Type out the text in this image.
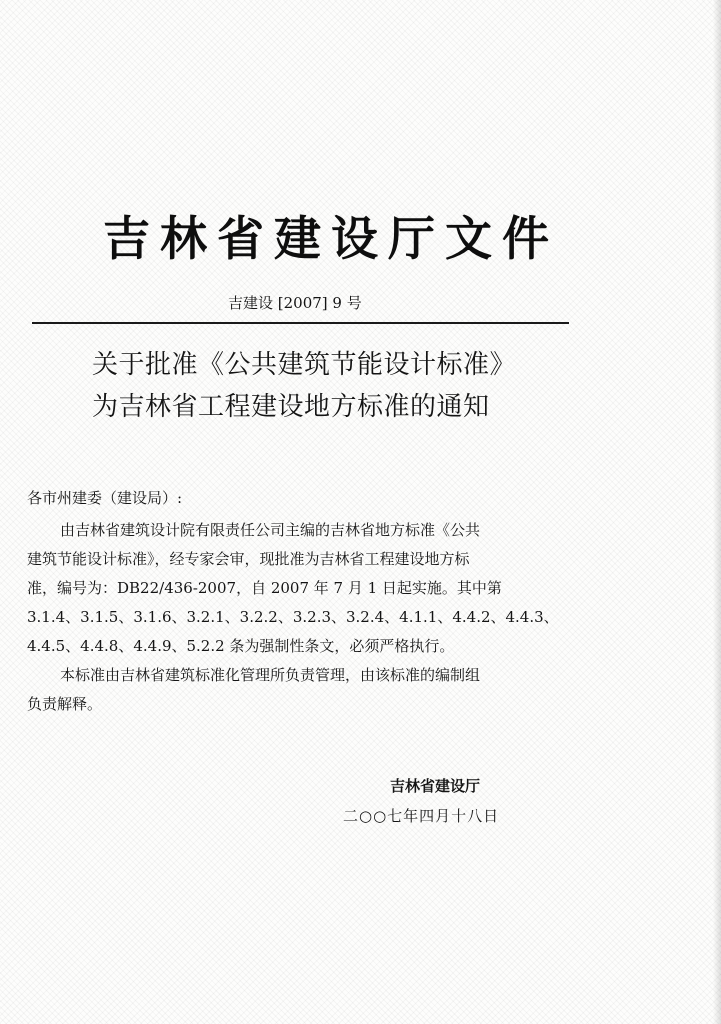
吉林省建设厅文件
吉建设 [2007] 9 号
关于批准《公共建筑节能设计标准》
为吉林省工程建设地方标准的通知
各市州建委（建设局）:
由吉林省建筑设计院有限责任公司主编的吉林省地方标准《公共
建筑节能设计标准》，经专家会审，现批准为吉林省工程建设地方标
准，编号为：DB22/436-2007，自 2007 年 7 月 1 日起实施。其中第
3.1.4、3.1.5、3.1.6、3.2.1、3.2.2、3.2.3、3.2.4、4.1.1、4.4.2、4.4.3、
4.4.5、4.4.8、4.4.9、5.2.2 条为强制性条文，必须严格执行。
本标准由吉林省建筑标准化管理所负责管理，由该标准的编制组
负责解释。
吉林省建设厅
二○○七年四月十八日
